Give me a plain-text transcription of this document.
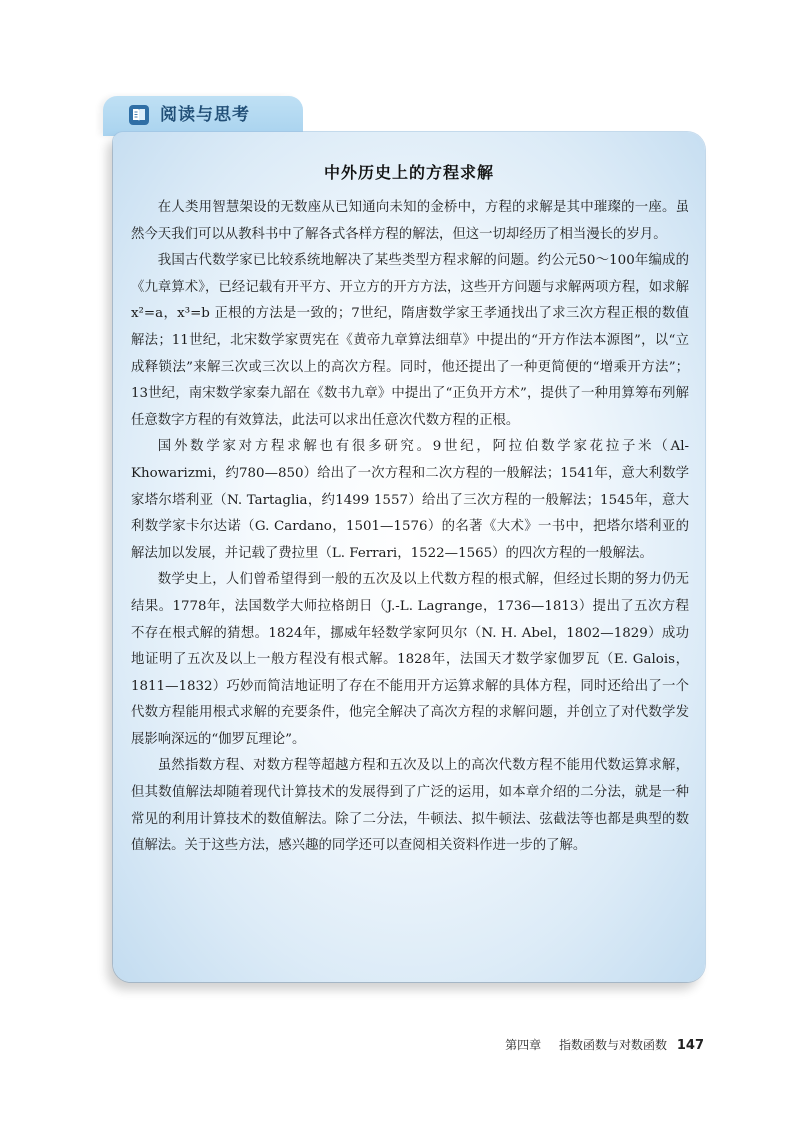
阅读与思考
中外历史上的方程求解

在人类用智慧架设的无数座从已知通向未知的金桥中，方程的求解是其中璀璨的一座。虽然今天我们可以从教科书中了解各式各样方程的解法，但这一切却经历了相当漫长的岁月。

我国古代数学家已比较系统地解决了某些类型方程求解的问题。约公元50～100年编成的《九章算术》，已经记载有开平方、开立方的开方方法，这些开方问题与求解两项方程，如求解 x²=a，x³=b 正根的方法是一致的；7世纪，隋唐数学家王孝通找出了求三次方程正根的数值解法；11世纪，北宋数学家贾宪在《黄帝九章算法细草》中提出的“开方作法本源图”，以“立成释锁法”来解三次或三次以上的高次方程。同时，他还提出了一种更简便的“增乘开方法”；13世纪，南宋数学家秦九韶在《数书九章》中提出了“正负开方术”，提供了一种用算筹布列解任意数字方程的有效算法，此法可以求出任意次代数方程的正根。

国外数学家对方程求解也有很多研究。9世纪，阿拉伯数学家花拉子米（Al-Khowarizmi，约780—850）给出了一次方程和二次方程的一般解法；1541年，意大利数学家塔尔塔利亚（N. Tartaglia，约1499 1557）给出了三次方程的一般解法；1545年，意大利数学家卡尔达诺（G. Cardano，1501—1576）的名著《大术》一书中，把塔尔塔利亚的解法加以发展，并记载了费拉里（L. Ferrari，1522—1565）的四次方程的一般解法。

数学史上，人们曾希望得到一般的五次及以上代数方程的根式解，但经过长期的努力仍无结果。1778年，法国数学大师拉格朗日（J.-L. Lagrange，1736—1813）提出了五次方程不存在根式解的猜想。1824年，挪威年轻数学家阿贝尔（N. H. Abel，1802—1829）成功地证明了五次及以上一般方程没有根式解。1828年，法国天才数学家伽罗瓦（E. Galois，1811—1832）巧妙而简洁地证明了存在不能用开方运算求解的具体方程，同时还给出了一个代数方程能用根式求解的充要条件，他完全解决了高次方程的求解问题，并创立了对代数学发展影响深远的“伽罗瓦理论”。

虽然指数方程、对数方程等超越方程和五次及以上的高次代数方程不能用代数运算求解，但其数值解法却随着现代计算技术的发展得到了广泛的运用，如本章介绍的二分法，就是一种常见的利用计算技术的数值解法。除了二分法，牛顿法、拟牛顿法、弦截法等也都是典型的数值解法。关于这些方法，感兴趣的同学还可以查阅相关资料作进一步的了解。

第四章 指数函数与对数函数 147
